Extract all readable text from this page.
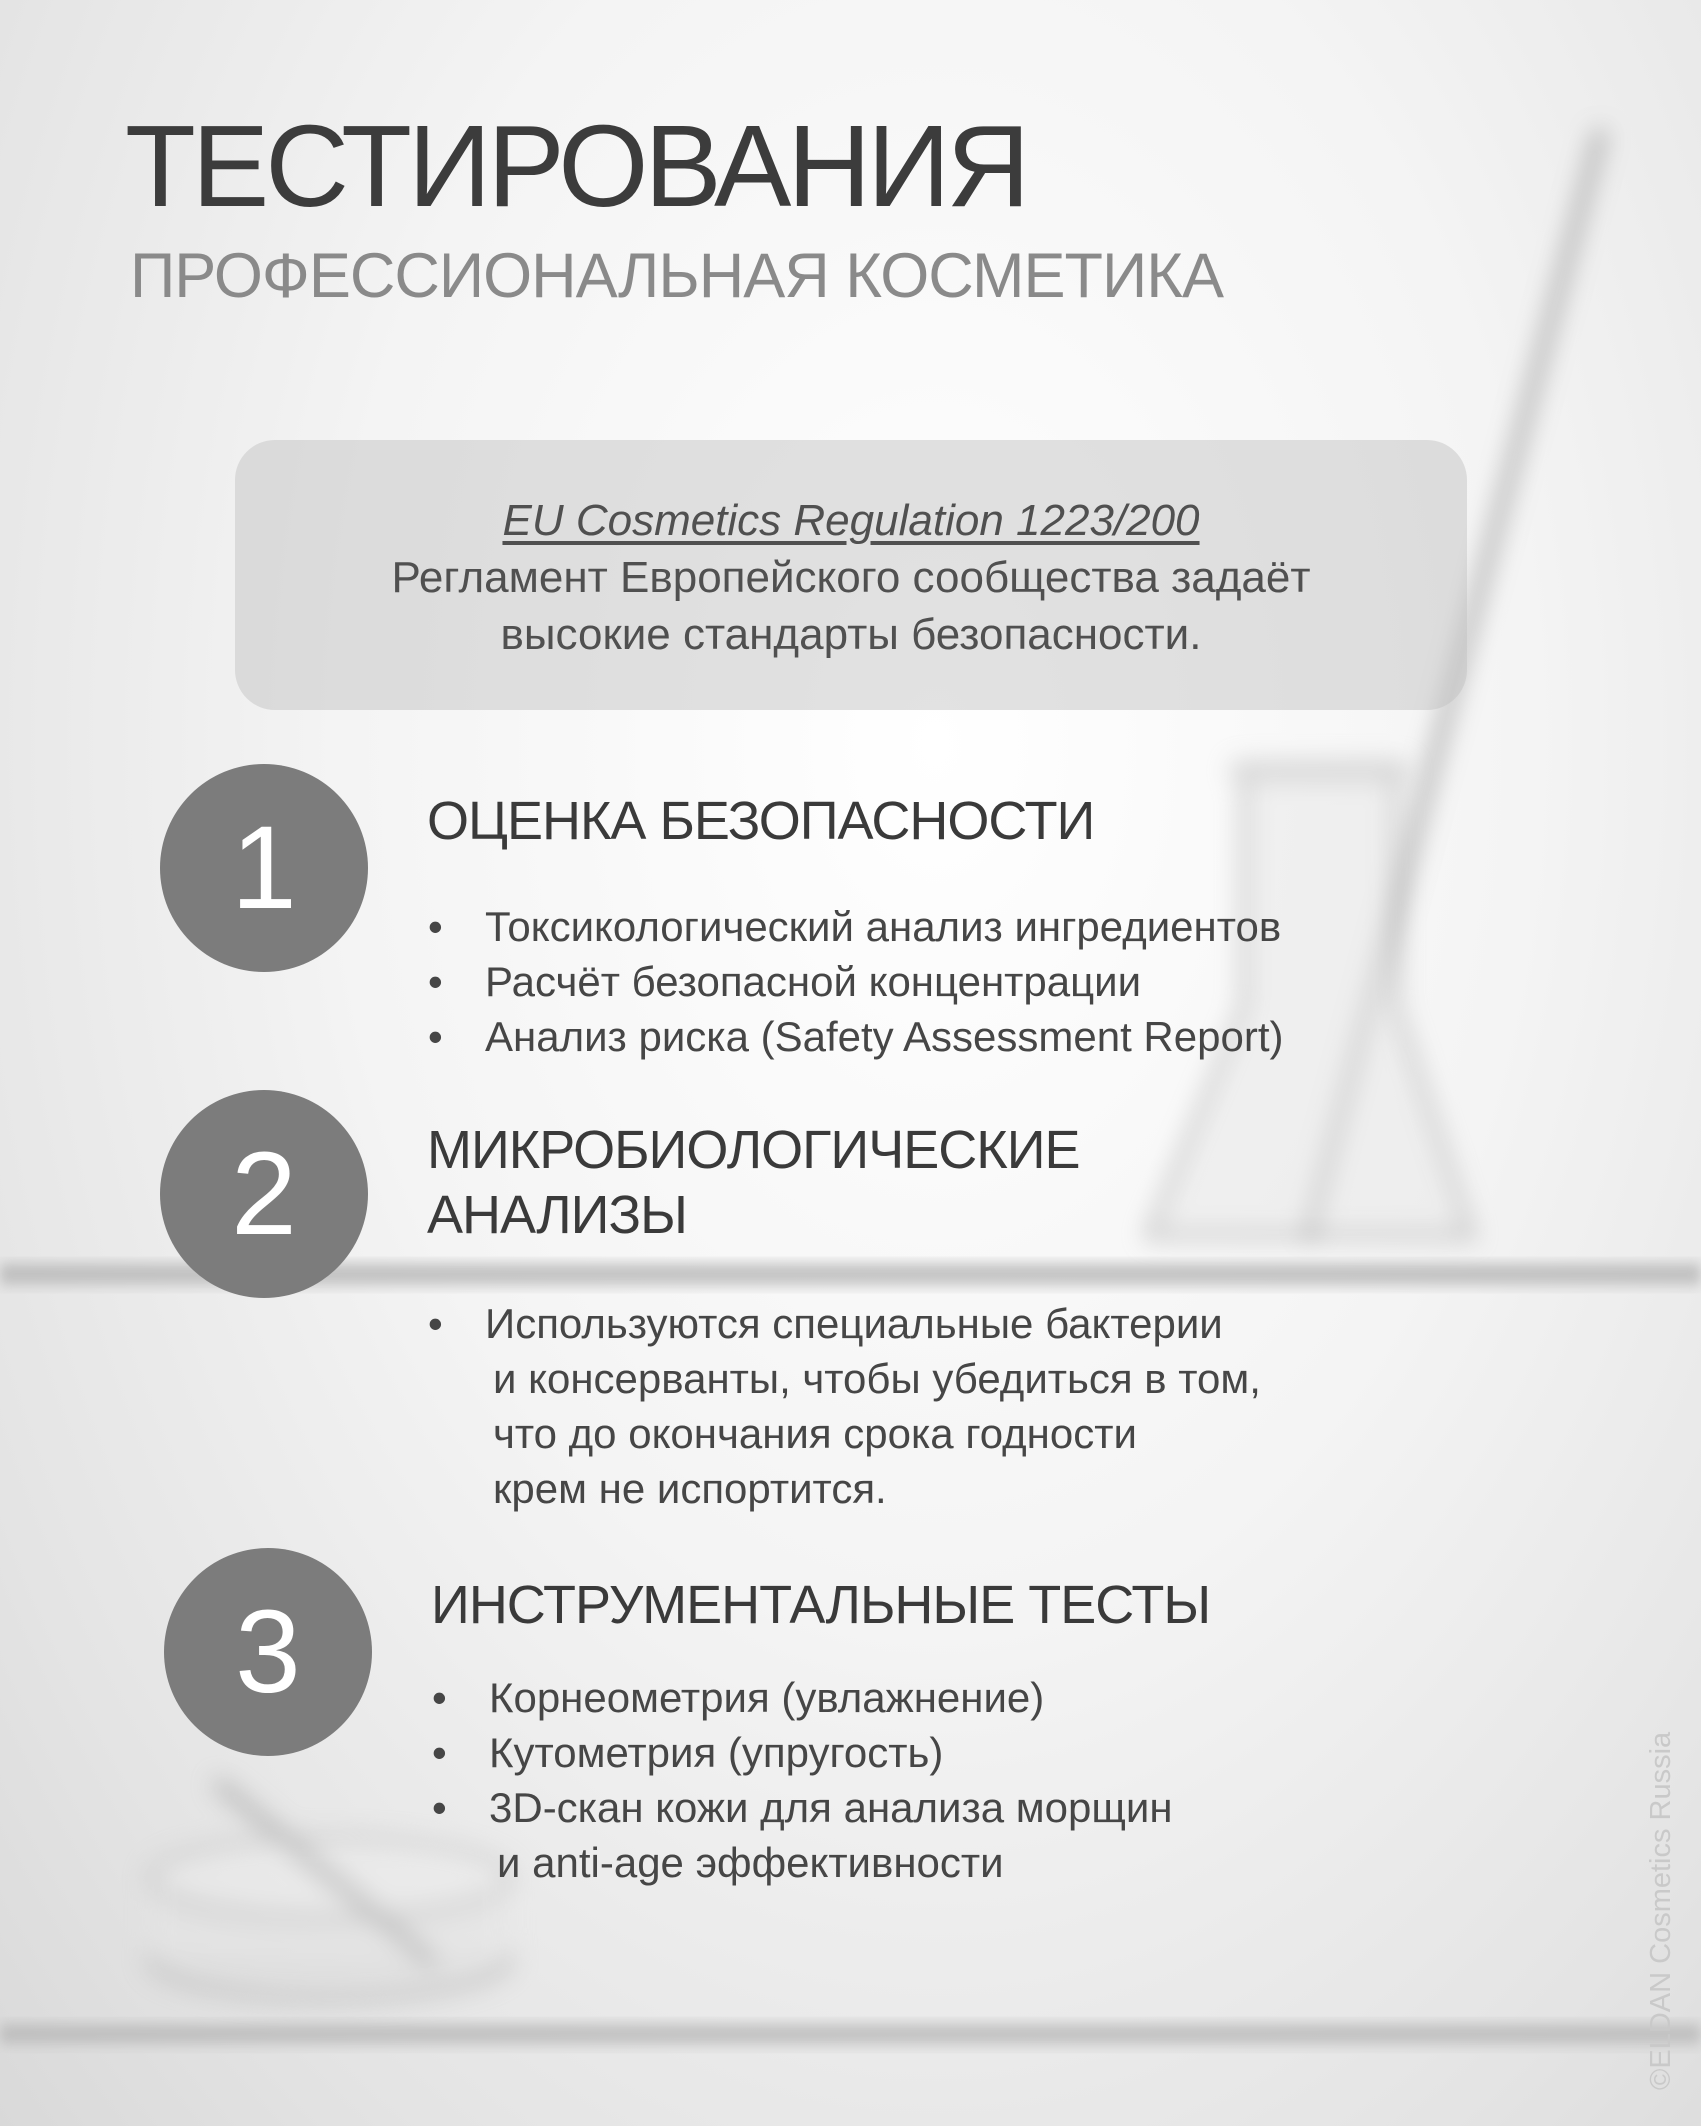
ТЕСТИРОВАНИЯ
ПРОФЕССИОНАЛЬНАЯ КОСМЕТИКА
EU Cosmetics Regulation 1223/200
Регламент Европейского сообщества задаёт
высокие стандарты безопасности.
1	ОЦЕНКА БЕЗОПАСНОСТИ
• Токсикологический анализ ингредиентов
• Расчёт безопасной концентрации
• Анализ риска (Safety Assessment Report)
2	МИКРОБИОЛОГИЧЕСКИЕ
АНАЛИЗЫ
• Используются специальные бактерии
и консерванты, чтобы убедиться в том,
что до окончания срока годности
крем не испортится.
3	ИНСТРУМЕНТАЛЬНЫЕ ТЕСТЫ
• Корнеометрия (увлажнение)
• Кутометрия (упругость)
• 3D-скан кожи для анализа морщин
и anti-age эффективности	©ELDAN Cosmetics Russia
